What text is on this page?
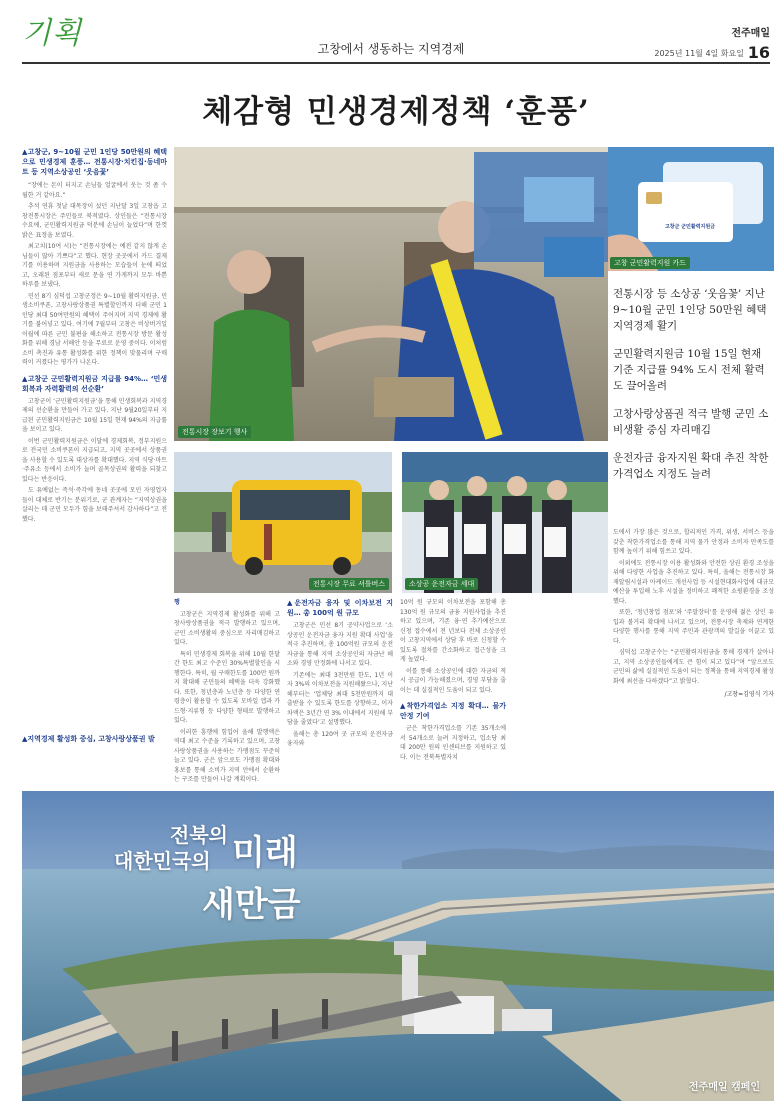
기획	고창에서 생동하는 지역경제
전주매일
2025년 11월 4일 화요일 16
체감형 민생경제정책 ‘훈풍’
▲고창군, 9∼10월 군민 1인당 50만원의 혜택으로 민생경제 훈풍… 전통시장·치킨집·동네마트 등 지역소상공인 ‘웃음꽃’

“장에는 돈이 터지고 손님들 얼굴에서 웃는 것 좀 수월한 거 같아요.”

추석 연휴 첫날 대목장이 섰던 지난달 3일 고창읍 고창전통시장은 주민들로 북적였다. 상인들은 “전통시장 수요에, 군민활력지원금 덕분에 손님이 늘었다”며 한껏 밝은 표정을 보였다.

최고치(10여 시)는 “전통시장에는 예전 같지 않게 손님들이 많아 기쁘다”고 했다. 현장 곳곳에서 카드 결제기를 이용하며 지원금을 사용하는 모습들이 눈에 띄었고, 오래된 점포부터 새로 문을 연 가게까지 모두 바쁜 하루를 보냈다.

민선 8기 심덕섭 고창군정은 9∼10월 활력지원금, 민생소비쿠폰, 고창사랑상품권 특별할인까지 더해 군민 1인당 최대 50여만원의 혜택이 주어지며 지역 경제에 활기를 불어넣고 있다. 여기에 7월부터 고창은 비상버거일 이월에 따른 군민 불편을 해소하고 전통시장 방문 활성화를 위해 경남 서해안 등을 무료로 운영 중이다. 이처럼 소비 촉진과 유통 활성화를 위한 정책이 맞물리며 구매력이 커졌다는 평가가 나온다.

▲고창군 군민활력지원금 지급률 94%… ‘민생회복과 자력활력의 선순환’

고창군이 ‘군민활력지원금’을 통해 민생회복과 지역경제의 선순환을 만들어 가고 있다. 지난 9월20일부터 지급된 군민활력지원금은 10월 15일 현재 94%의 지급률을 보이고 있다.

이번 군민활력지원금은 이달에 경제회복, 정부지원으로 전국민 소비쿠폰이 지급되고, 지역 곳곳에서 상품권을 사용할 수 있도록 대상자를 확대했다. 지역 식당·마트·주유소 등에서 소비가 늘며 골목상권의 활력을 되찾고 있다는 반응이다.

도 유예없는 즉석·즉각에 동네 곳곳에 모인 자영업자들이 대체로 반기는 분위기로, 군 관계자는 “지역상권을 살리는 데 군민 모두가 힘을 보태주셔서 감사하다”고 전했다.

▲지역경제 활성화 중심, 고창사랑상품권 발
전통시장 장보기 행사
고창군 군민활력지원금
고창 군민활력지원 카드
전통시장 등 소상공 ‘웃음꽃’ 지난 9∼10월 군민 1인당 50만원 혜택 지역경제 활기
군민활력지원금 10월 15일 현재 기준 지급률 94% 도시 전체 활력도 끌어올려
고창사랑상품권 적극 발행 군민 소비생활 중심 자리매김
운전자금 융자지원 확대 추진 착한가격업소 지정도 늘려
전통시장 무료 셔틀버스	소상공 운전자금 세대

행

고창군은 지역경제 활성화를 위해 고창사랑상품권을 적극 발행하고 있으며, 군민 소비생활의 중심으로 자리매김하고 있다.

특히 민생경제 회복을 위해 10월 한달간 한도 최고 수준인 30%특별할인을 시행한다. 특히, 월 구매한도를 100만 원까지 확대해 군민들의 혜택을 더욱 강화했다. 또한, 청년층과 노년층 등 다양한 연령층이 활용할 수 있도록 모바일 앱과 카드형·지류형 등 다양한 형태로 발행하고 있다.

이러한 흥행에 힘입어 올해 발행액은 역대 최고 수준을 기록하고 있으며, 고창사랑상품권을 사용하는 가맹점도 꾸준히 늘고 있다. 군은 앞으로도 가맹점 확대와 홍보를 통해 소비가 지역 안에서 순환하는 구조를 만들어 나갈 계획이다.

▲운전자금 융자 및 이차보전 지원… 총 100억 원 규모

고창군은 민선 8기 공약사업으로 ‘소상공인 운전자금 융자 지원 확대 사업’을 적극 추진하며, 총 100억원 규모의 운전자금을 통해 지역 소상공인의 자금난 해소와 경영 안정화에 나서고 있다.

기존에는 최대 3천만원 한도, 1년 이자 3%의 이차보전을 지원해왔으나, 지난해부터는 ‘업체당 최대 5천만원까지 대출받을 수 있도록 한도를 상향하고, 이자 차액은 3년간 연 3% 이내에서 지원해 부담을 줄였다’고 설명했다.

올해는 총 120여 곳 규모의 운전자금 융자와

10억 원 규모의 이차보전을 포함해 총 130억 원 규모의 금융 지원사업을 추진하고 있으며, 기존 융·연 추가예산으로 신청 접수에서 전 년보다 전체 소상공인이 고창지역에서 상담 후 바로 신청할 수 있도록 절차를 간소화하고 접근성을 크게 높였다.

이를 통해 소상공인에 대한 자금의 적시 공급이 가능해졌으며, 경영 부담을 줄이는 데 실질적인 도움이 되고 있다.

▲착한가격업소 지정 확대… 물가 안정 기여

군은 착한가격업소를 기존 35개소에서 54개소로 늘려 지정하고, 업소당 최대 200만 원의 인센티브를 지원하고 있다. 이는 전북특별자치

도에서 가장 많은 것으로, 합리적인 가격, 위생, 서비스 등을 갖춘 착한가격업소를 통해 지역 물가 안정과 소비자 만족도를 함께 높이기 위해 힘쓰고 있다.

이외에도 전통시장 이용 활성화와 안전한 상권 환경 조성을 위해 다양한 사업을 추진하고 있다. 특히, 올해는 전통시장 화재알림시설과 아케이드 개선사업 등 시설현대화사업에 대규모 예산을 투입해 노후 시설을 정비하고 쾌적한 쇼핑환경을 조성했다.

또한, ‘청년창업 점포’와 ‘주말장터’를 운영해 젊은 상인 유입과 볼거리 확대에 나서고 있으며, 전통시장 축제와 연계한 다양한 행사를 통해 지역 주민과 관광객의 발길을 이끌고 있다.

심덕섭 고창군수는 “군민활력지원금을 통해 경제가 살아나고, 지역 소상공인들에게도 큰 힘이 되고 있다”며 “앞으로도 군민의 삶에 실질적인 도움이 되는 정책을 통해 지역경제 활성화에 최선을 다하겠다”고 밝혔다.

/고창=김영식 기자
전북의
대한민국의 미래
새만금
전주매일 캠페인
